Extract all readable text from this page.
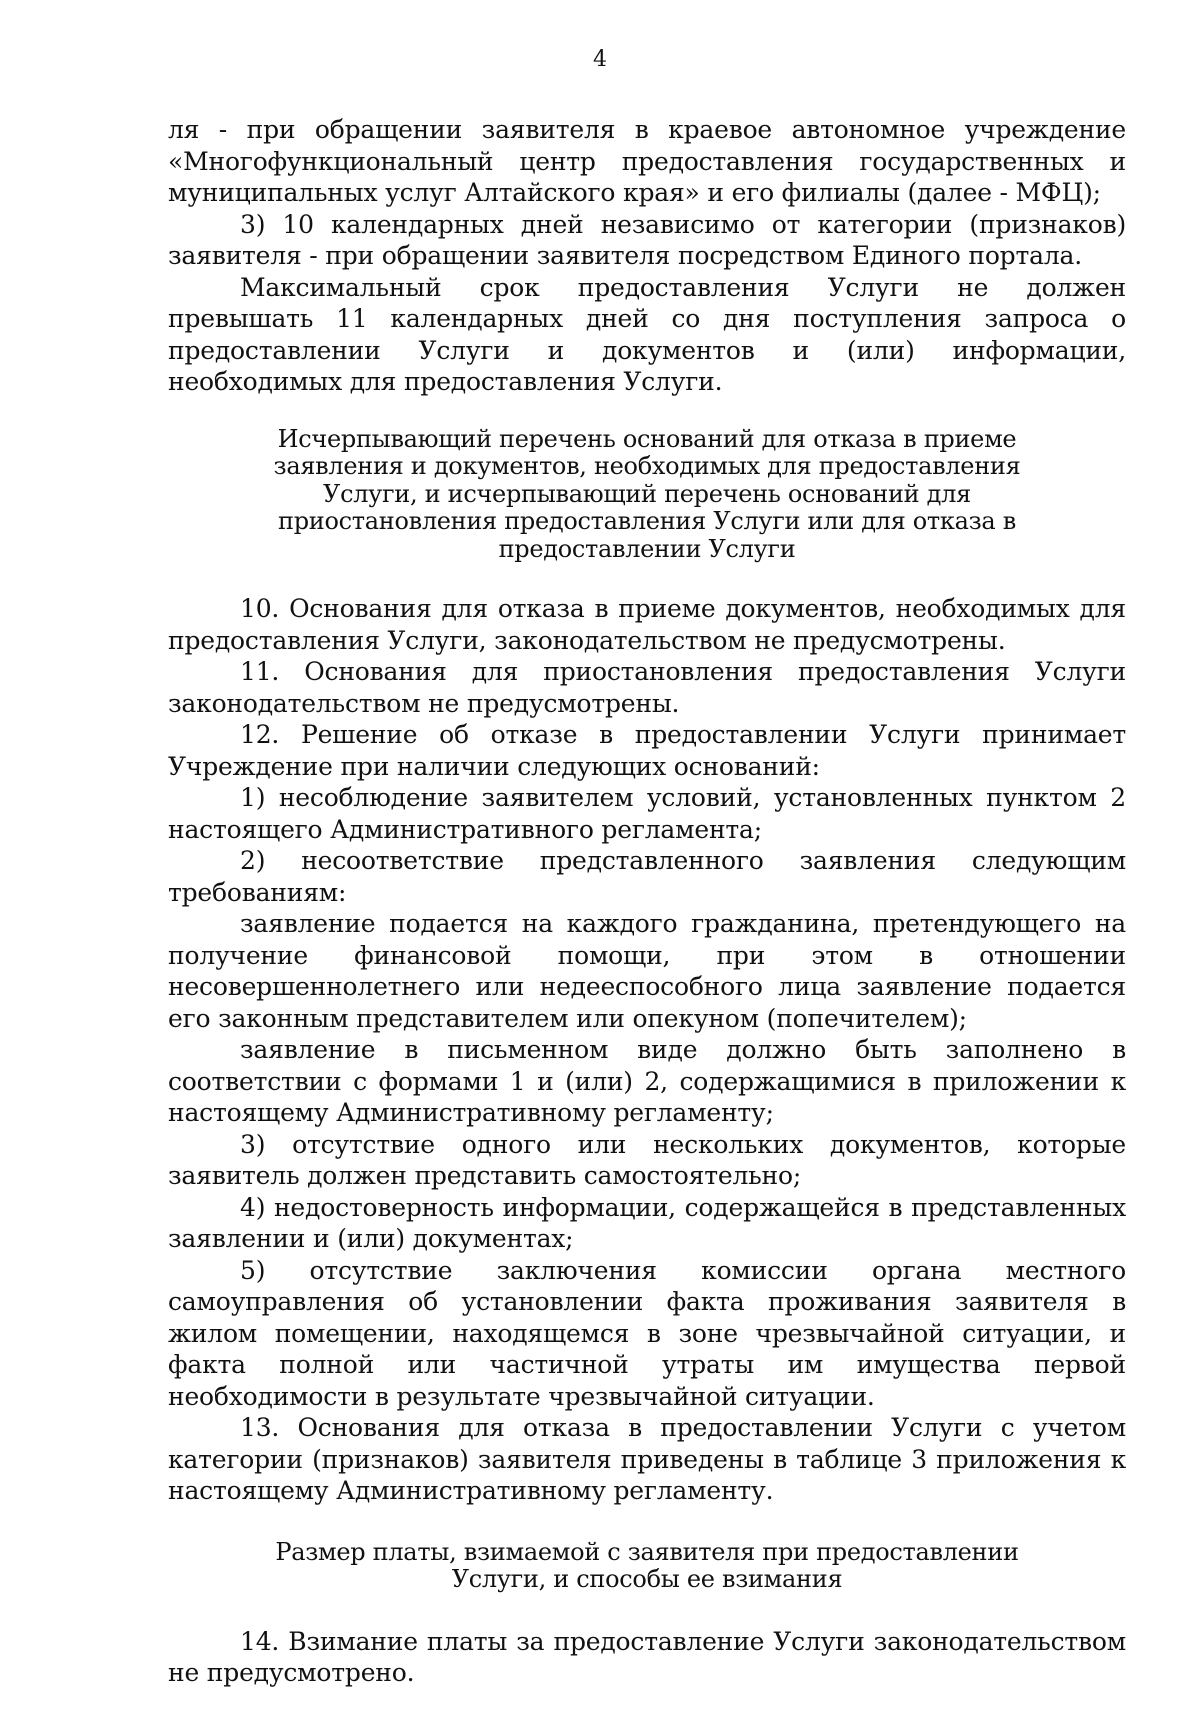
4

ля - при обращении заявителя в краевое автономное учреждение «Многофункциональный центр предоставления государственных и муниципальных услуг Алтайского края» и его филиалы (далее - МФЦ);

3) 10 календарных дней независимо от категории (признаков) заявителя - при обращении заявителя посредством Единого портала.

Максимальный срок предоставления Услуги не должен превышать 11 календарных дней со дня поступления запроса о предоставлении Услуги и документов и (или) информации, необходимых для предоставления Услуги.

Исчерпывающий перечень оснований для отказа в приеме заявления и документов, необходимых для предоставления Услуги, и исчерпывающий перечень оснований для приостановления предоставления Услуги или для отказа в предоставлении Услуги

10. Основания для отказа в приеме документов, необходимых для предоставления Услуги, законодательством не предусмотрены.

11. Основания для приостановления предоставления Услуги законодательством не предусмотрены.

12. Решение об отказе в предоставлении Услуги принимает Учреждение при наличии следующих оснований:

1) несоблюдение заявителем условий, установленных пунктом 2 настоящего Административного регламента;

2) несоответствие представленного заявления следующим требованиям:

заявление подается на каждого гражданина, претендующего на получение финансовой помощи, при этом в отношении несовершеннолетнего или недееспособного лица заявление подается его законным представителем или опекуном (попечителем);

заявление в письменном виде должно быть заполнено в соответствии с формами 1 и (или) 2, содержащимися в приложении к настоящему Административному регламенту;

3) отсутствие одного или нескольких документов, которые заявитель должен представить самостоятельно;

4) недостоверность информации, содержащейся в представленных заявлении и (или) документах;

5) отсутствие заключения комиссии органа местного самоуправления об установлении факта проживания заявителя в жилом помещении, находящемся в зоне чрезвычайной ситуации, и факта полной или частичной утраты им имущества первой необходимости в результате чрезвычайной ситуации.

13. Основания для отказа в предоставлении Услуги с учетом категории (признаков) заявителя приведены в таблице 3 приложения к настоящему Административному регламенту.

Размер платы, взимаемой с заявителя при предоставлении Услуги, и способы ее взимания

14. Взимание платы за предоставление Услуги законодательством не предусмотрено.
